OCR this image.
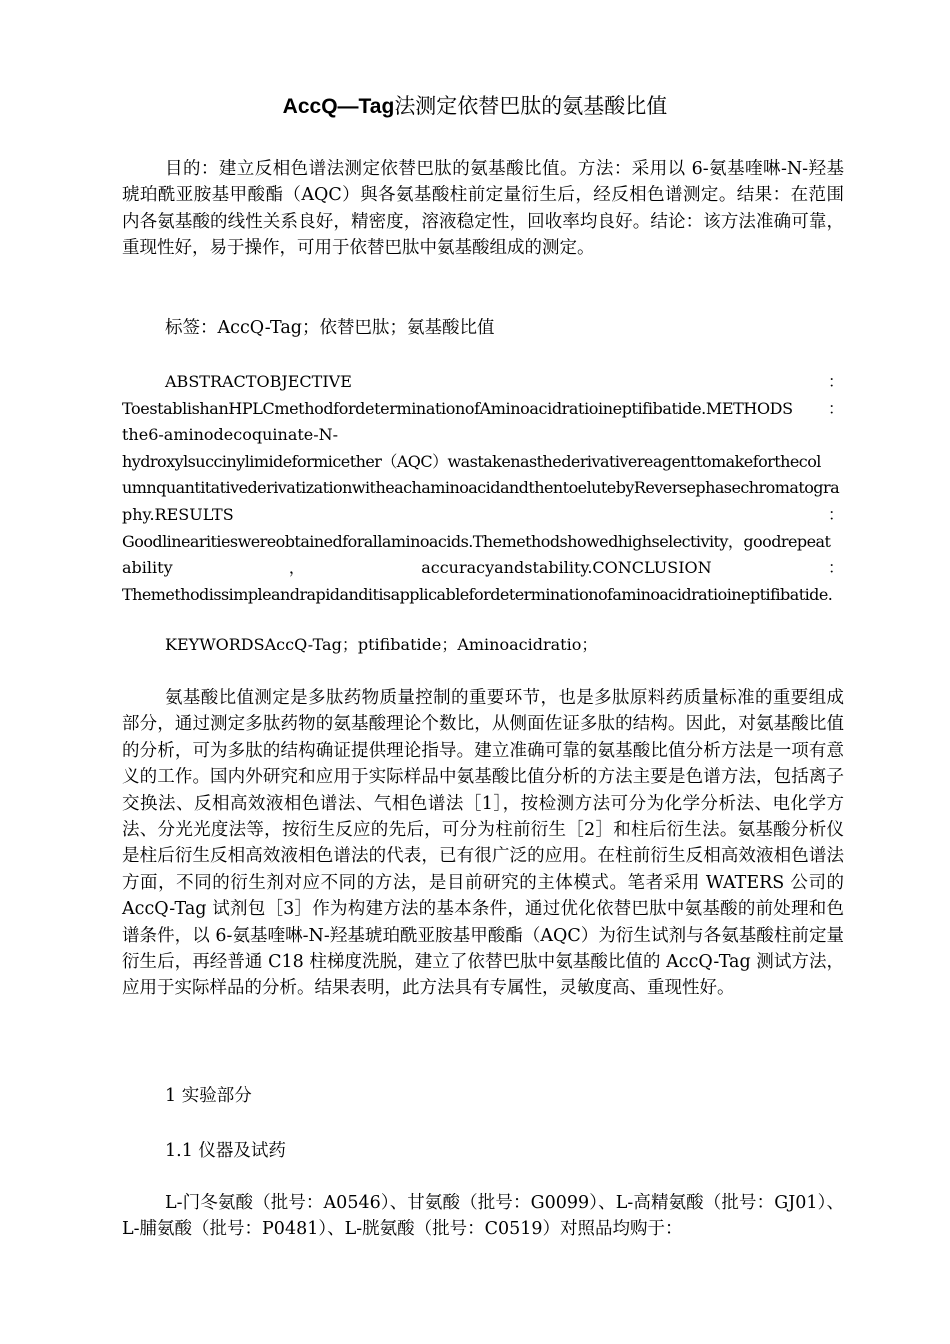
AccQ—Tag法测定依替巴肽的氨基酸比值
目的：建立反相色谱法测定依替巴肽的氨基酸比值。方法：采用以 6-氨基喹啉-N-羟基琥珀酰亚胺基甲酸酯（AQC）與各氨基酸柱前定量衍生后，经反相色谱测定。结果：在范围内各氨基酸的线性关系良好，精密度，溶液稳定性，回收率均良好。结论：该方法准确可靠，重现性好，易于操作，可用于依替巴肽中氨基酸组成的测定。
标签：AccQ-Tag；依替巴肽；氨基酸比值
ABSTRACTOBJECTIVE	：
ToestablishanHPLCmethodfordeterminationofAminoacidratioineptifibatide.METHODS ：
the6-aminodecoquinate-N-
hydroxylsuccinylimideformicether（AQC）wastakenasthederivativereagenttomakeforthecol
umnquantitativederivatizationwitheachaminoacidandthentoelutebyReversephasechromatogra
phy.RESULTS	：
Goodlinearitieswereobtainedforallaminoacids.Themethodshowedhighselectivity，goodrepeat
ability	，	accuracyandstability.CONCLUSION	：
Themethodissimpleandrapidanditisapplicablefordeterminationofaminoacidratioineptifibatide.
KEYWORDSAccQ-Tag；ptifibatide；Aminoacidratio；
氨基酸比值测定是多肽药物质量控制的重要环节，也是多肽原料药质量标准的重要组成部分，通过测定多肽药物的氨基酸理论个数比，从侧面佐证多肽的结构。因此，对氨基酸比值的分析，可为多肽的结构确证提供理论指导。建立准确可靠的氨基酸比值分析方法是一项有意义的工作。国内外研究和应用于实际样品中氨基酸比值分析的方法主要是色谱方法，包括离子交换法、反相高效液相色谱法、气相色谱法［1］，按检测方法可分为化学分析法、电化学方法、分光光度法等，按衍生反应的先后，可分为柱前衍生［2］和柱后衍生法。氨基酸分析仪是柱后衍生反相高效液相色谱法的代表，已有很广泛的应用。在柱前衍生反相高效液相色谱法方面，不同的衍生剂对应不同的方法，是目前研究的主体模式。笔者采用 WATERS 公司的 AccQ-Tag 试剂包［3］作为构建方法的基本条件，通过优化依替巴肽中氨基酸的前处理和色谱条件，以 6-氨基喹啉-N-羟基琥珀酰亚胺基甲酸酯（AQC）为衍生试剂与各氨基酸柱前定量衍生后，再经普通 C18 柱梯度洗脱，建立了依替巴肽中氨基酸比值的 AccQ-Tag 测试方法，应用于实际样品的分析。结果表明，此方法具有专属性，灵敏度高、重现性好。
1 实验部分
1.1 仪器及试药
L-门冬氨酸（批号：A0546）、甘氨酸（批号：G0099）、L-高精氨酸（批号：GJ01）、L-脯氨酸（批号：P0481）、L-胱氨酸（批号：C0519）对照品均购于：
